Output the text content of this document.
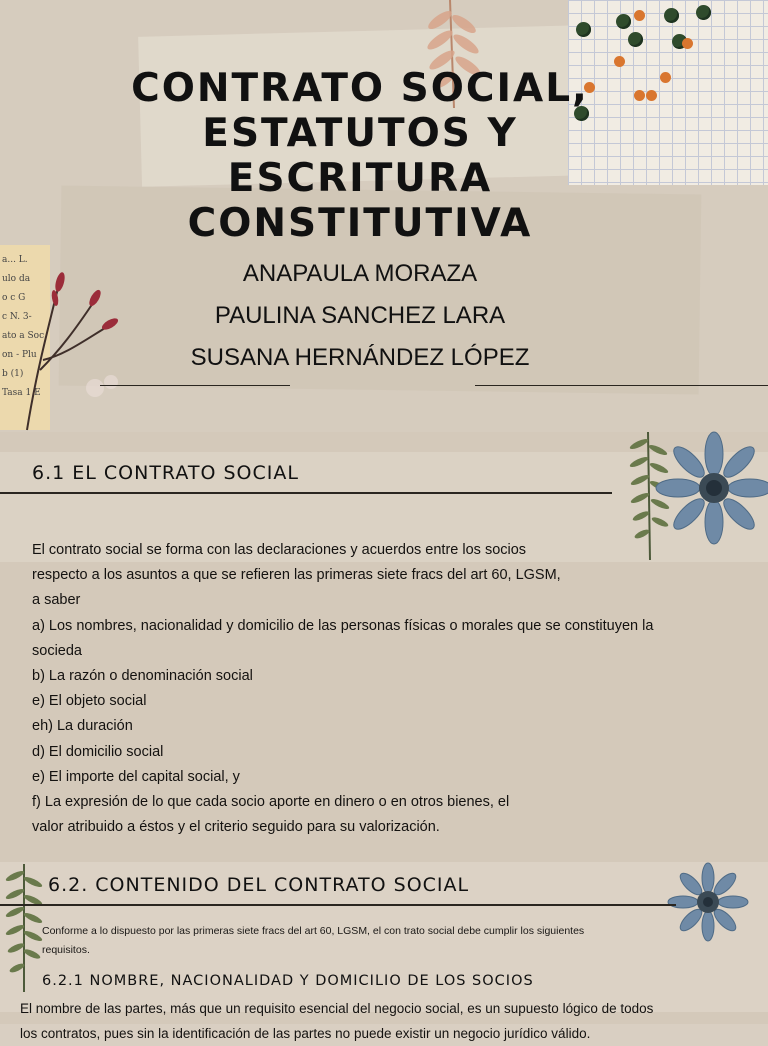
a... L.
ulo da
o c G
c N. 3-
ato a Soc
on - Plu
b (1)
Tasa 1 E
CONTRATO SOCIAL,
ESTATUTOS Y
ESCRITURA
CONSTITUTIVA
ANAPAULA MORAZA
PAULINA SANCHEZ LARA
SUSANA HERNÁNDEZ LÓPEZ
6.1 EL CONTRATO SOCIAL
El contrato social se forma con las declaraciones y acuerdos entre los socios
respecto a los asuntos a que se refieren las primeras siete fracs del art 60, LGSM,
a saber
a) Los nombres, nacionalidad y domicilio de las personas físicas o morales que se constituyen la
socieda
b) La razón o denominación social
e) El objeto social
eh) La duración
d) El domicilio social
e) El importe del capital social, y
f) La expresión de lo que cada socio aporte en dinero o en otros bienes, el
valor atribuido a éstos y el criterio seguido para su valorización.
6.2. CONTENIDO DEL CONTRATO SOCIAL
Conforme a lo dispuesto por las primeras siete fracs del art 60, LGSM, el con trato social debe cumplir los siguientes
requisitos.
6.2.1 NOMBRE, NACIONALIDAD Y DOMICILIO DE LOS SOCIOS
El nombre de las partes, más que un requisito esencial del negocio social, es un supuesto lógico de todos
los contratos, pues sin la identificación de las partes no puede existir un negocio jurídico válido.
